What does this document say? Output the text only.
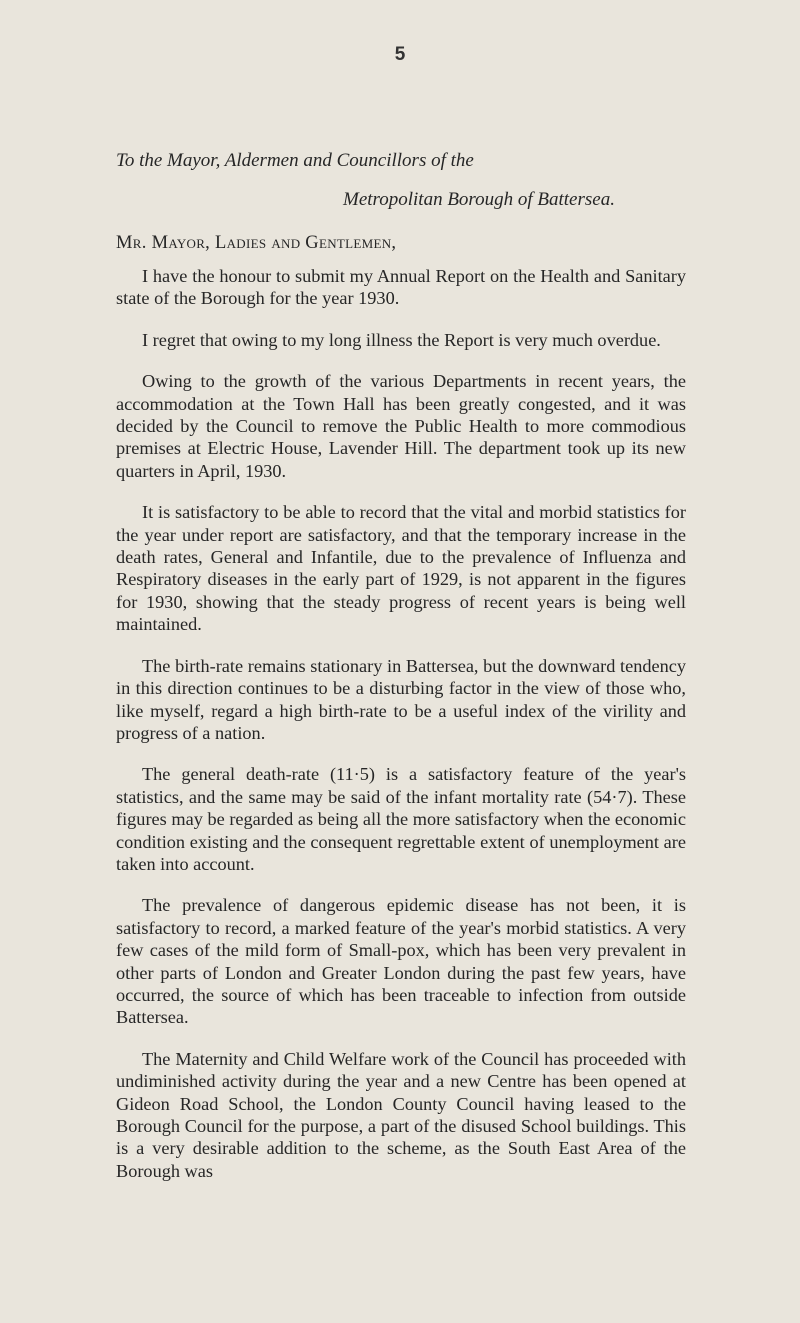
5

To the Mayor, Aldermen and Councillors of the

Metropolitan Borough of Battersea.

Mr. Mayor, Ladies and Gentlemen,

I have the honour to submit my Annual Report on the Health and Sanitary state of the Borough for the year 1930.

I regret that owing to my long illness the Report is very much overdue.

Owing to the growth of the various Departments in recent years, the accommodation at the Town Hall has been greatly congested, and it was decided by the Council to remove the Public Health to more commodious premises at Electric House, Lavender Hill. The department took up its new quarters in April, 1930.

It is satisfactory to be able to record that the vital and morbid statistics for the year under report are satisfactory, and that the temporary increase in the death rates, General and Infantile, due to the prevalence of Influenza and Respiratory diseases in the early part of 1929, is not apparent in the figures for 1930, showing that the steady progress of recent years is being well maintained.

The birth-rate remains stationary in Battersea, but the downward tendency in this direction continues to be a disturbing factor in the view of those who, like myself, regard a high birth-rate to be a useful index of the virility and progress of a nation.

The general death-rate (11·5) is a satisfactory feature of the year's statistics, and the same may be said of the infant mortality rate (54·7). These figures may be regarded as being all the more satisfactory when the economic condition existing and the consequent regrettable extent of unemployment are taken into account.

The prevalence of dangerous epidemic disease has not been, it is satisfactory to record, a marked feature of the year's morbid statistics. A very few cases of the mild form of Small-pox, which has been very prevalent in other parts of London and Greater London during the past few years, have occurred, the source of which has been traceable to infection from outside Battersea.

The Maternity and Child Welfare work of the Council has proceeded with undiminished activity during the year and a new Centre has been opened at Gideon Road School, the London County Council having leased to the Borough Council for the purpose, a part of the disused School buildings. This is a very desirable addition to the scheme, as the South East Area of the Borough was
